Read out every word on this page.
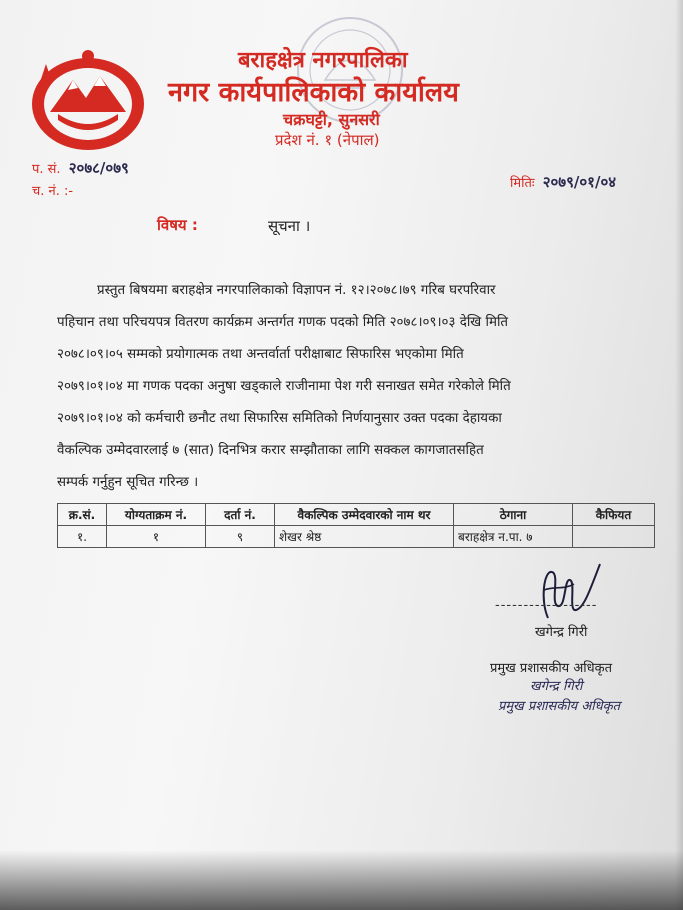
बराहक्षेत्र नगरपालिका
नगर कार्यपालिकाको कार्यालय
चक्रघट्टी, सुनसरी
प्रदेश नं. १ (नेपाल)
प. सं. २०७८/०७९
च. नं. :-
मितिः २०७९/०१/०४
विषय :	सूचना ।
प्रस्तुत बिषयमा बराहक्षेत्र नगरपालिकाको विज्ञापन नं. १२।२०७८।७९ गरिब घरपरिवार
पहिचान तथा परिचयपत्र वितरण कार्यक्रम अन्तर्गत गणक पदको मिति २०७८।०९।०३ देखि मिति
२०७८।०९।०५ सम्मको प्रयोगात्मक तथा अन्तर्वार्ता परीक्षाबाट सिफारिस भएकोमा मिति
२०७९।०१।०४ मा गणक पदका अनुषा खड्काले राजीनामा पेश गरी सनाखत समेत गरेकोले मिति
२०७९।०१।०४ को कर्मचारी छनौट तथा सिफारिस समितिको निर्णयानुसार उक्त पदका देहायका
वैकल्पिक उम्मेदवारलाई ७ (सात) दिनभित्र करार सम्झौताका लागि सक्कल कागजातसहित
सम्पर्क गर्नुहुन सूचित गरिन्छ ।
क्र.सं.	योग्यताक्रम नं.	दर्ता नं.	वैकल्पिक उम्मेदवारको नाम थर	ठेगाना	कैफियत
१.	१	९	शेखर श्रेष्ठ	बराहक्षेत्र न.पा. ७	
------------------
खगेन्द्र गिरी
प्रमुख प्रशासकीय अधिकृत
खगेन्द्र गिरी
प्रमुख प्रशासकीय अधिकृत
